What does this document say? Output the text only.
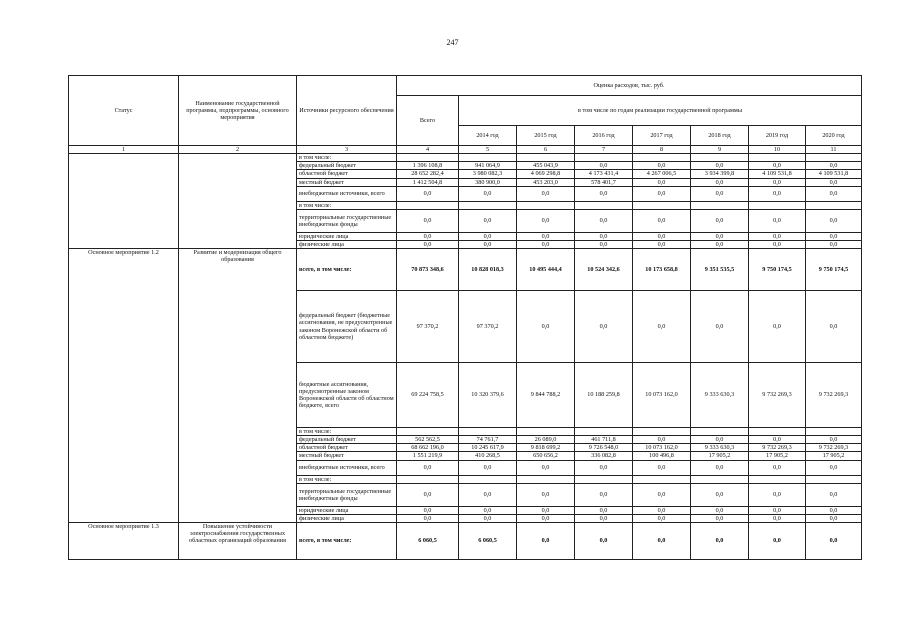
247
Статус	Наименование государственной программы, подпрограммы, основного мероприятия	Источники ресурсного обеспечения	Оценка расходов, тыс. руб.							
			Всего	в том числе по годам реализации государственной программы						
				2014 год	2015 год	2016 год	2017 год	2018 год	2019 год	2020 год
1	2	3	4	5	6	7	8	9	10	11
		в том числе:								
		федеральный бюджет	1 396 108,8	941 064,9	455 043,9	0,0	0,0	0,0	0,0	0,0
		областной бюджет	28 652 282,4	3 980 082,3	4 069 298,8	4 173 431,4	4 267 006,5	3 934 399,8	4 109 531,8	4 109 531,8
		местный бюджет	1 412 504,8	380 900,0	453 203,0	578 401,7	0,0	0,0	0,0	0,0
		внебюджетные источники, всего	0,0	0,0	0,0	0,0	0,0	0,0	0,0	0,0
		в том числе:								
		территориальные государственные внебюджетные фонды	0,0	0,0	0,0	0,0	0,0	0,0	0,0	0,0
		юридические лица	0,0	0,0	0,0	0,0	0,0	0,0	0,0	0,0
		физические лица	0,0	0,0	0,0	0,0	0,0	0,0	0,0	0,0
Основное мероприятие 1.2	Развитие и модернизация общего образования	всего, в том числе:	70 873 348,6	10 828 018,3	10 495 444,4	10 524 342,6	10 173 658,8	9 351 535,5	9 750 174,5	9 750 174,5
		федеральный бюджет (бюджетные ассигнования, не предусмотренные законом Воронежской области об областном бюджете)	97 370,2	97 370,2	0,0	0,0	0,0	0,0	0,0	0,0
		бюджетные ассигнования, предусмотренные законом Воронежской области об областном бюджете, всего	69 224 758,5	10 320 379,6	9 844 788,2	10 188 259,8	10 073 162,0	9 333 630,3	9 732 269,3	9 732 269,3
		в том числе:								
		федеральный бюджет	562 562,5	74 761,7	26 089,0	461 711,8	0,0	0,0	0,0	0,0
		областной бюджет	68 662 196,0	10 245 617,9	9 818 699,2	9 726 548,0	10 073 162,0	9 333 630,3	9 732 269,3	9 732 269,3
		местный бюджет	1 551 219,9	410 268,5	650 656,2	336 082,8	100 496,8	17 905,2	17 905,2	17 905,2
		внебюджетные источники, всего	0,0	0,0	0,0	0,0	0,0	0,0	0,0	0,0
		в том числе:								
		территориальные государственные внебюджетные фонды	0,0	0,0	0,0	0,0	0,0	0,0	0,0	0,0
		юридические лица	0,0	0,0	0,0	0,0	0,0	0,0	0,0	0,0
		физические лица	0,0	0,0	0,0	0,0	0,0	0,0	0,0	0,0
Основное мероприятие 1.3	Повышение устойчивости электроснабжения государственных областных организаций образования	всего, в том числе:	6 060,5	6 060,5	0,0	0,0	0,0	0,0	0,0	0,0
